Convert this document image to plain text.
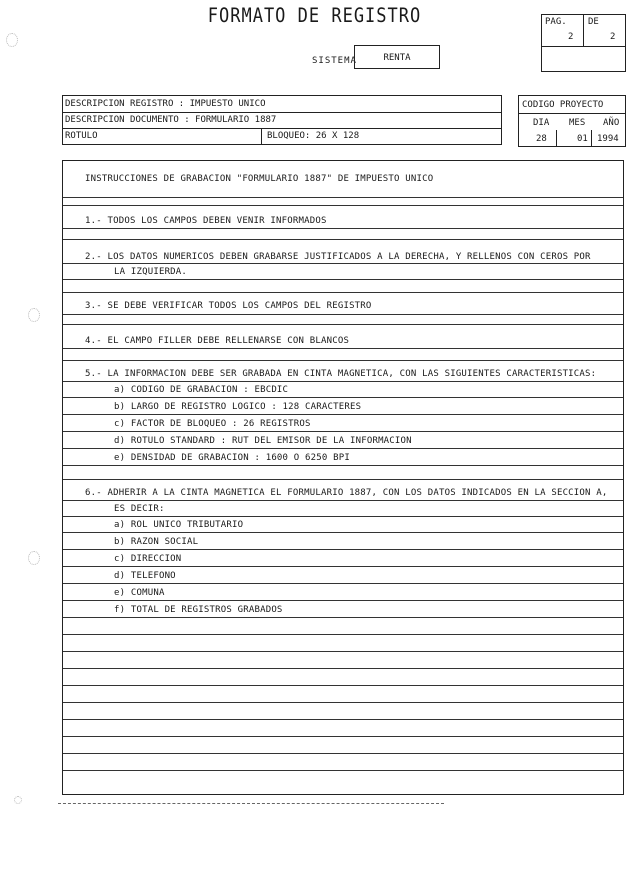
FORMATO DE REGISTRO
SISTEMA	RENTA
PAG. DE
2	2
DESCRIPCION REGISTRO : IMPUESTO UNICO
DESCRIPCION DOCUMENTO : FORMULARIO 1887
ROTULO	BLOQUEO: 26 X 128
CODIGO PROYECTO
DIA MES AÑO
28	01 1994
INSTRUCCIONES DE GRABACION "FORMULARIO 1887" DE IMPUESTO UNICO
1.- TODOS LOS CAMPOS DEBEN VENIR INFORMADOS
2.- LOS DATOS NUMERICOS DEBEN GRABARSE JUSTIFICADOS A LA DERECHA, Y RELLENOS CON CEROS POR
LA IZQUIERDA.
3.- SE DEBE VERIFICAR TODOS LOS CAMPOS DEL REGISTRO
4.- EL CAMPO FILLER DEBE RELLENARSE CON BLANCOS
5.- LA INFORMACION DEBE SER GRABADA EN CINTA MAGNETICA, CON LAS SIGUIENTES CARACTERISTICAS:
a) CODIGO DE GRABACION : EBCDIC
b) LARGO DE REGISTRO LOGICO : 128 CARACTERES
c) FACTOR DE BLOQUEO : 26 REGISTROS
d) ROTULO STANDARD : RUT DEL EMISOR DE LA INFORMACION
e) DENSIDAD DE GRABACION : 1600 O 6250 BPI
6.- ADHERIR A LA CINTA MAGNETICA EL FORMULARIO 1887, CON LOS DATOS INDICADOS EN LA SECCION A,
ES DECIR:
a) ROL UNICO TRIBUTARIO
b) RAZON SOCIAL
c) DIRECCION
d) TELEFONO
e) COMUNA
f) TOTAL DE REGISTROS GRABADOS
